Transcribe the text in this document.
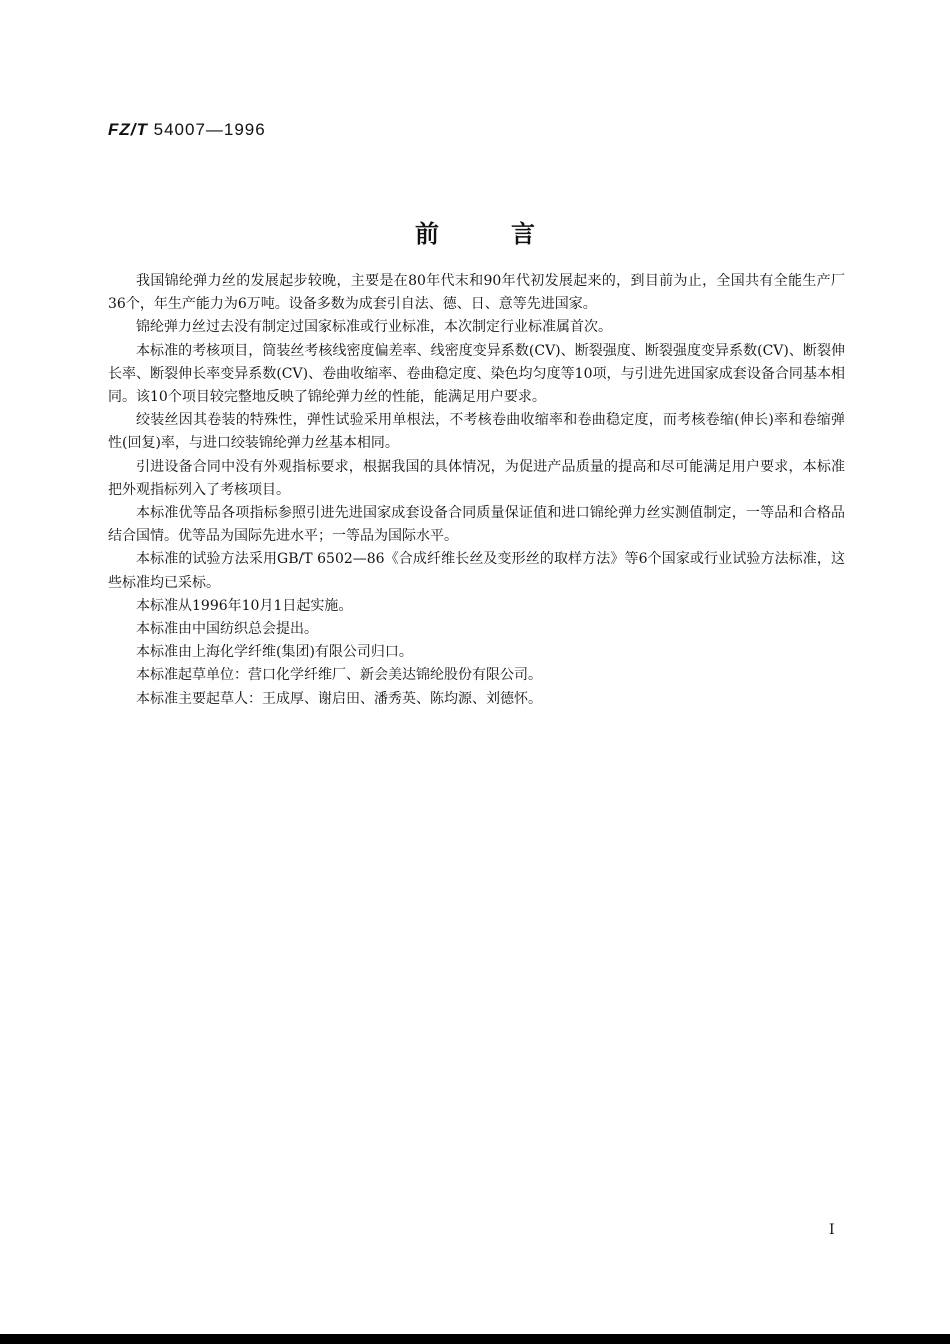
FZ/T 54007—1996
前言

我国锦纶弹力丝的发展起步较晚，主要是在80年代末和90年代初发展起来的，到目前为止，全国共有全能生产厂36个，年生产能力为6万吨。设备多数为成套引自法、德、日、意等先进国家。

锦纶弹力丝过去没有制定过国家标准或行业标准，本次制定行业标准属首次。

本标准的考核项目，筒装丝考核线密度偏差率、线密度变异系数(CV)、断裂强度、断裂强度变异系数(CV)、断裂伸长率、断裂伸长率变异系数(CV)、卷曲收缩率、卷曲稳定度、染色均匀度等10项，与引进先进国家成套设备合同基本相同。该10个项目较完整地反映了锦纶弹力丝的性能，能满足用户要求。

绞装丝因其卷装的特殊性，弹性试验采用单根法，不考核卷曲收缩率和卷曲稳定度，而考核卷缩(伸长)率和卷缩弹性(回复)率，与进口绞装锦纶弹力丝基本相同。

引进设备合同中没有外观指标要求，根据我国的具体情况，为促进产品质量的提高和尽可能满足用户要求，本标准把外观指标列入了考核项目。

本标准优等品各项指标参照引进先进国家成套设备合同质量保证值和进口锦纶弹力丝实测值制定，一等品和合格品结合国情。优等品为国际先进水平；一等品为国际水平。

本标准的试验方法采用GB/T 6502—86《合成纤维长丝及变形丝的取样方法》等6个国家或行业试验方法标准，这些标准均已采标。

本标准从1996年10月1日起实施。

本标准由中国纺织总会提出。

本标准由上海化学纤维(集团)有限公司归口。

本标准起草单位：营口化学纤维厂、新会美达锦纶股份有限公司。

本标准主要起草人：王成厚、谢启田、潘秀英、陈均源、刘德怀。

I
